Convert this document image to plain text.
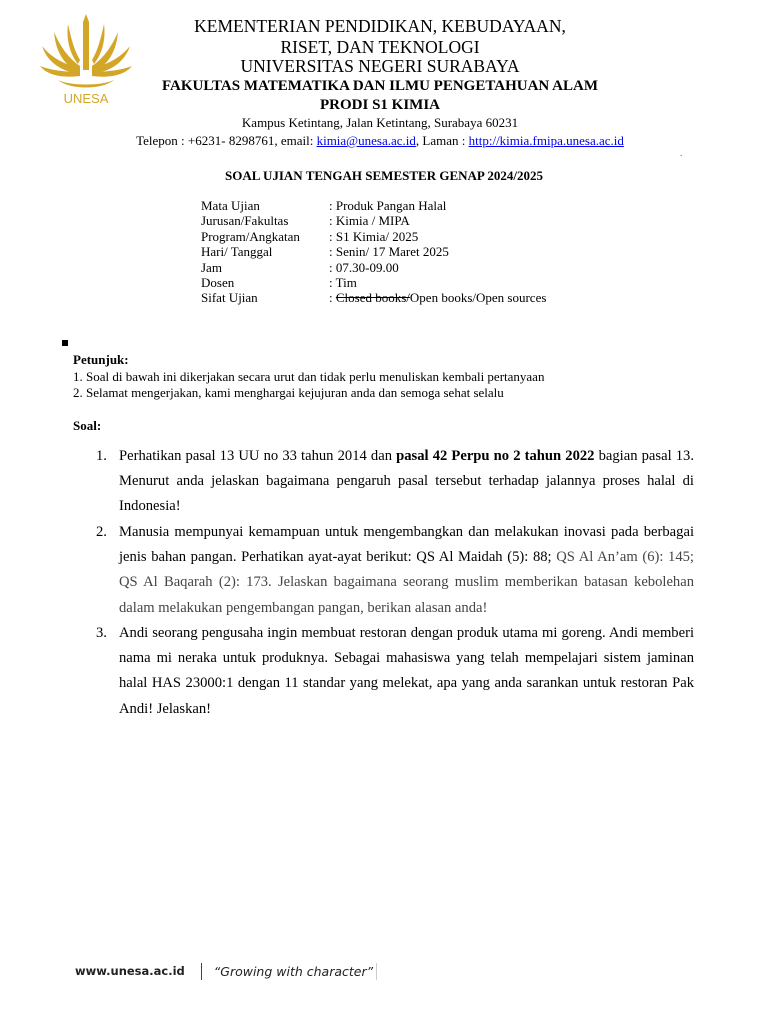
UNESA
KEMENTERIAN PENDIDIKAN, KEBUDAYAAN,
RISET, DAN TEKNOLOGI
UNIVERSITAS NEGERI SURABAYA
FAKULTAS MATEMATIKA DAN ILMU PENGETAHUAN ALAM
PRODI S1 KIMIA
Kampus Ketintang, Jalan Ketintang, Surabaya 60231
Telepon : +6231- 8298761, email: kimia@unesa.ac.id, Laman : http://kimia.fmipa.unesa.ac.id
.
SOAL UJIAN TENGAH SEMESTER GENAP 2024/2025
Mata Ujian	: Produk Pangan Halal
Jurusan/Fakultas	: Kimia / MIPA
Program/Angkatan	: S1 Kimia/ 2025
Hari/ Tanggal	: Senin/ 17 Maret 2025
Jam	: 07.30-09.00
Dosen	: Tim
Sifat Ujian	: Closed books/Open books/Open sources
Petunjuk:
1. Soal di bawah ini dikerjakan secara urut dan tidak perlu menuliskan kembali pertanyaan
2. Selamat mengerjakan, kami menghargai kejujuran anda dan semoga sehat selalu
Soal:
1. Perhatikan pasal 13 UU no 33 tahun 2014 dan pasal 42 Perpu no 2 tahun 2022 bagian pasal 13. Menurut anda jelaskan bagaimana pengaruh pasal tersebut terhadap jalannya proses halal di Indonesia!
2. Manusia mempunyai kemampuan untuk mengembangkan dan melakukan inovasi pada berbagai jenis bahan pangan. Perhatikan ayat-ayat berikut: QS Al Maidah (5): 88; QS Al An’am (6): 145; QS Al Baqarah (2): 173. Jelaskan bagaimana seorang muslim memberikan batasan kebolehan dalam melakukan pengembangan pangan, berikan alasan anda!
3. Andi seorang pengusaha ingin membuat restoran dengan produk utama mi goreng. Andi memberi nama mi neraka untuk produknya. Sebagai mahasiswa yang telah mempelajari sistem jaminan halal HAS 23000:1 dengan 11 standar yang melekat, apa yang anda sarankan untuk restoran Pak Andi! Jelaskan!
www.unesa.ac.id “Growing with character”
